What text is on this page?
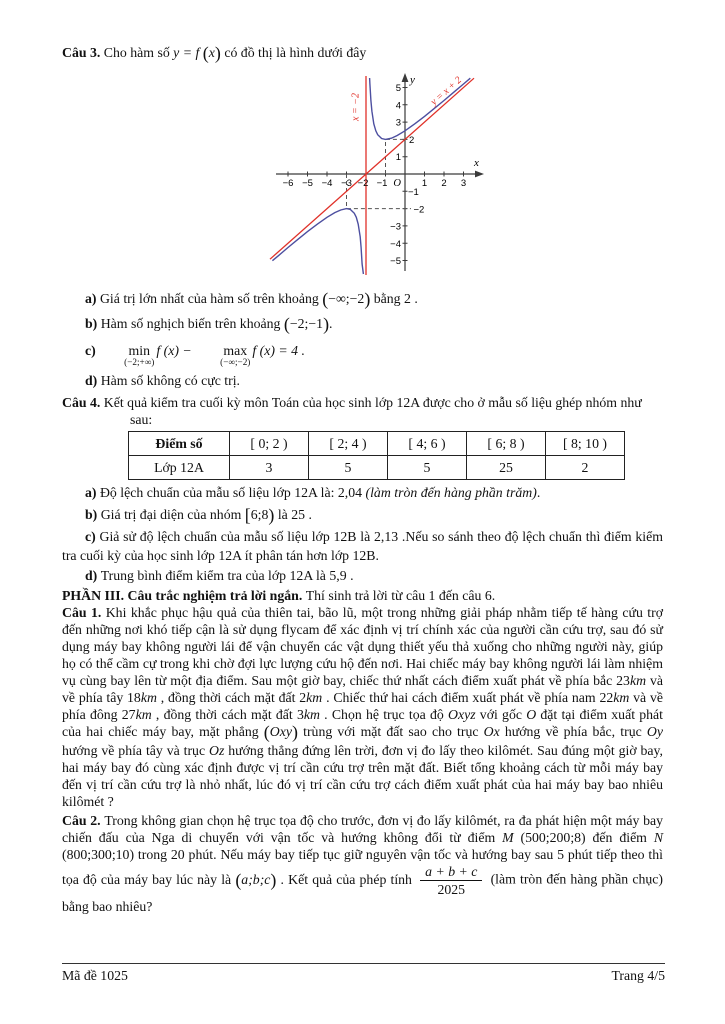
Câu 3. Cho hàm số y = f (x) có đồ thị là hình dưới đây

y
x
O
−6 −5 −4 −3 −2 −1	1 2 3
5
4
3
2
1
−1
−2
−3
−4
−5
x = −2	y = x + 2

a) Giá trị lớn nhất của hàm số trên khoảng (−∞;−2) bằng 2 .

b) Hàm số nghịch biến trên khoảng (−2;−1).

c)	min
(−2;+∞)
f (x) −	max
(−∞;−2)
f (x) = 4 .

d) Hàm số không có cực trị.

Câu 4. Kết quả kiểm tra cuối kỳ môn Toán của học sinh lớp 12A được cho ở mẫu số liệu ghép nhóm như

sau:

Điểm số	[ 0; 2 )	[ 2; 4 )	[ 4; 6 )	[ 6; 8 )	[ 8; 10 )
Lớp 12A	3	5	5	25	2

a) Độ lệch chuẩn của mẫu số liệu lớp 12A là: 2,04 (làm tròn đến hàng phần trăm).

b) Giá trị đại diện của nhóm [6;8) là 25 .

c) Giả sử độ lệch chuẩn của mẫu số liệu lớp 12B là 2,13 .Nếu so sánh theo độ lệch chuẩn thì điểm kiểm tra cuối kỳ của học sinh lớp 12A ít phân tán hơn lớp 12B.

d) Trung bình điểm kiểm tra của lớp 12A là 5,9 .

PHẦN III. Câu trắc nghiệm trả lời ngắn. Thí sinh trả lời từ câu 1 đến câu 6.

Câu 1. Khi khắc phục hậu quả của thiên tai, bão lũ, một trong những giải pháp nhằm tiếp tế hàng cứu trợ đến những nơi khó tiếp cận là sử dụng flycam để xác định vị trí chính xác của người cần cứu trợ, sau đó sử dụng máy bay không người lái để vận chuyển các vật dụng thiết yếu thả xuống cho những người này, giúp họ có thể cầm cự trong khi chờ đợi lực lượng cứu hộ đến nơi. Hai chiếc máy bay không người lái làm nhiệm vụ cùng bay lên từ một địa điểm. Sau một giờ bay, chiếc thứ nhất cách điểm xuất phát về phía bắc 23km và về phía tây 18km , đồng thời cách mặt đất 2km . Chiếc thứ hai cách điểm xuất phát về phía nam 22km và về phía đông 27km , đồng thời cách mặt đất 3km . Chọn hệ trục tọa độ Oxyz với gốc O đặt tại điểm xuất phát của hai chiếc máy bay, mặt phẳng (Oxy) trùng với mặt đất sao cho trục Ox hướng về phía bắc, trục Oy hướng về phía tây và trục Oz hướng thẳng đứng lên trời, đơn vị đo lấy theo kilômét. Sau đúng một giờ bay, hai máy bay đó cùng xác định được vị trí cần cứu trợ trên mặt đất. Biết tổng khoảng cách từ mỗi máy bay đến vị trí cần cứu trợ là nhỏ nhất, lúc đó vị trí cần cứu trợ cách điểm xuất phát của hai máy bay bao nhiêu kilômét ?

Câu 2. Trong không gian chọn hệ trục tọa độ cho trước, đơn vị đo lấy kilômét, ra đa phát hiện một máy bay chiến đấu của Nga di chuyển với vận tốc và hướng không đổi từ điểm M (500;200;8) đến điểm N (800;300;10) trong 20 phút. Nếu máy bay tiếp tục giữ nguyên vận tốc và hướng bay sau 5 phút tiếp theo thì tọa độ của máy bay lúc này là (a;b;c) . Kết quả của phép tính $\frac{a + b + c}{2025}$ (làm tròn đến hàng phần chục) bằng bao nhiêu?

Mã đề 1025	Trang 4/5
